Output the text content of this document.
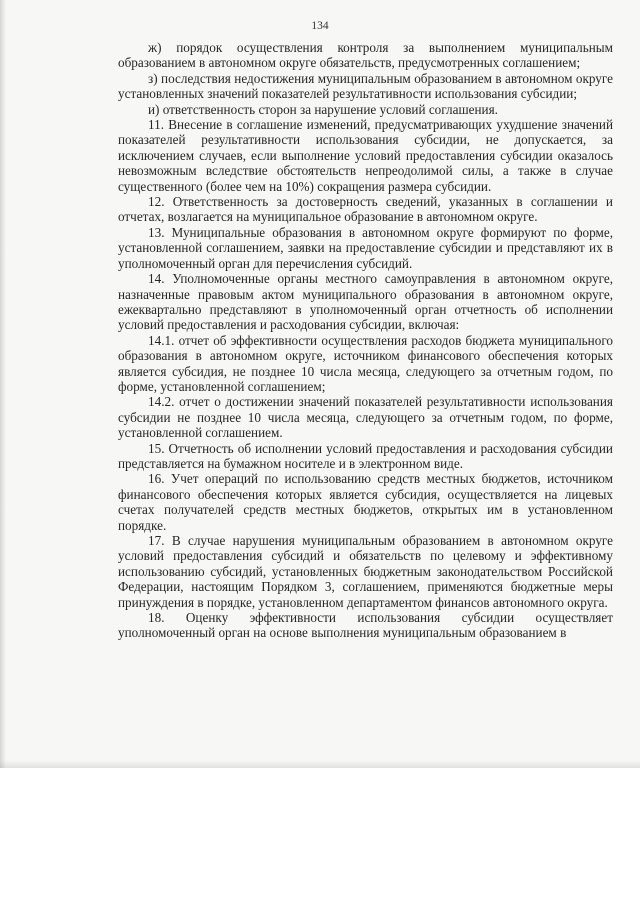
134

ж) порядок осуществления контроля за выполнением муниципальным образованием в автономном округе обязательств, предусмотренных соглашением;

з) последствия недостижения муниципальным образованием в автономном округе установленных значений показателей результативности использования субсидии;

и) ответственность сторон за нарушение условий соглашения.

11. Внесение в соглашение изменений, предусматривающих ухудшение значений показателей результативности использования субсидии, не допускается, за исключением случаев, если выполнение условий предоставления субсидии оказалось невозможным вследствие обстоятельств непреодолимой силы, а также в случае существенного (более чем на 10%) сокращения размера субсидии.

12. Ответственность за достоверность сведений, указанных в соглашении и отчетах, возлагается на муниципальное образование в автономном округе.

13. Муниципальные образования в автономном округе формируют по форме, установленной соглашением, заявки на предоставление субсидии и представляют их в уполномоченный орган для перечисления субсидий.

14. Уполномоченные органы местного самоуправления в автономном округе, назначенные правовым актом муниципального образования в автономном округе, ежеквартально представляют в уполномоченный орган отчетность об исполнении условий предоставления и расходования субсидии, включая:

14.1. отчет об эффективности осуществления расходов бюджета муниципального образования в автономном округе, источником финансового обеспечения которых является субсидия, не позднее 10 числа месяца, следующего за отчетным годом, по форме, установленной соглашением;

14.2. отчет о достижении значений показателей результативности использования субсидии не позднее 10 числа месяца, следующего за отчетным годом, по форме, установленной соглашением.

15. Отчетность об исполнении условий предоставления и расходования субсидии представляется на бумажном носителе и в электронном виде.

16. Учет операций по использованию средств местных бюджетов, источником финансового обеспечения которых является субсидия, осуществляется на лицевых счетах получателей средств местных бюджетов, открытых им в установленном порядке.

17. В случае нарушения муниципальным образованием в автономном округе условий предоставления субсидий и обязательств по целевому и эффективному использованию субсидий, установленных бюджетным законодательством Российской Федерации, настоящим Порядком 3, соглашением, применяются бюджетные меры принуждения в порядке, установленном департаментом финансов автономного округа.

18. Оценку эффективности использования субсидии осуществляет уполномоченный орган на основе выполнения муниципальным образованием в
